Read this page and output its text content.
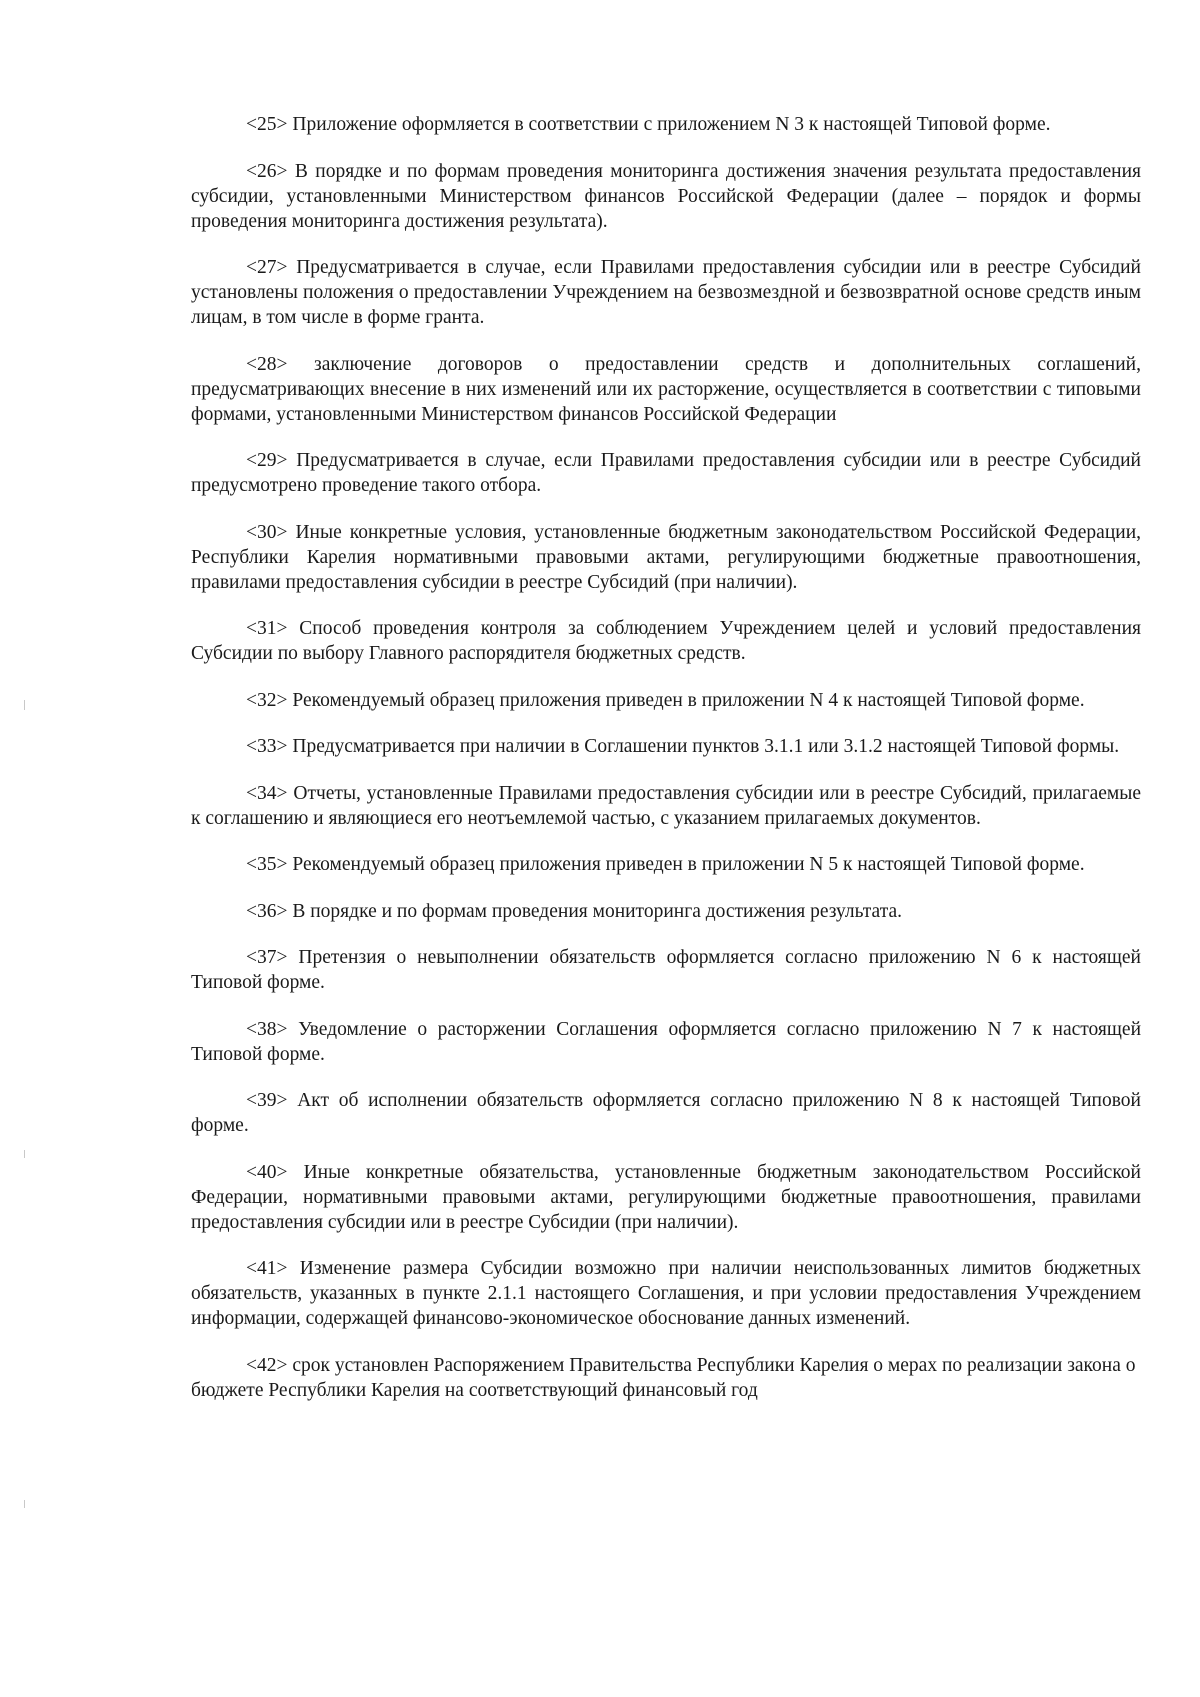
<25> Приложение оформляется в соответствии с приложением N 3 к настоящей Типовой форме.

<26> В порядке и по формам проведения мониторинга достижения значения результата предоставления субсидии, установленными Министерством финансов Российской Федерации (далее – порядок и формы проведения мониторинга достижения результата).

<27> Предусматривается в случае, если Правилами предоставления субсидии или в реестре Субсидий установлены положения о предоставлении Учреждением на безвозмездной и безвозвратной основе средств иным лицам, в том числе в форме гранта.

<28> заключение договоров о предоставлении средств и дополнительных соглашений, предусматривающих внесение в них изменений или их расторжение, осуществляется в соответствии с типовыми формами, установленными Министерством финансов Российской Федерации

<29> Предусматривается в случае, если Правилами предоставления субсидии или в реестре Субсидий предусмотрено проведение такого отбора.

<30> Иные конкретные условия, установленные бюджетным законодательством Российской Федерации, Республики Карелия нормативными правовыми актами, регулирующими бюджетные правоотношения, правилами предоставления субсидии в реестре Субсидий (при наличии).

<31> Способ проведения контроля за соблюдением Учреждением целей и условий предоставления Субсидии по выбору Главного распорядителя бюджетных средств.

<32> Рекомендуемый образец приложения приведен в приложении N 4 к настоящей Типовой форме.

<33> Предусматривается при наличии в Соглашении пунктов 3.1.1 или 3.1.2 настоящей Типовой формы.

<34> Отчеты, установленные Правилами предоставления субсидии или в реестре Субсидий, прилагаемые к соглашению и являющиеся его неотъемлемой частью, с указанием прилагаемых документов.

<35> Рекомендуемый образец приложения приведен в приложении N 5 к настоящей Типовой форме.

<36> В порядке и по формам проведения мониторинга достижения результата.

<37> Претензия о невыполнении обязательств оформляется согласно приложению N 6 к настоящей Типовой форме.

<38> Уведомление о расторжении Соглашения оформляется согласно приложению N 7 к настоящей Типовой форме.

<39> Акт об исполнении обязательств оформляется согласно приложению N 8 к настоящей Типовой форме.

<40> Иные конкретные обязательства, установленные бюджетным законодательством Российской Федерации, нормативными правовыми актами, регулирующими бюджетные правоотношения, правилами предоставления субсидии или в реестре Субсидии (при наличии).

<41> Изменение размера Субсидии возможно при наличии неиспользованных лимитов бюджетных обязательств, указанных в пункте 2.1.1 настоящего Соглашения, и при условии предоставления Учреждением информации, содержащей финансово-экономическое обоснование данных изменений.

<42> срок установлен Распоряжением Правительства Республики Карелия о мерах по реализации закона о бюджете Республики Карелия на соответствующий финансовый год
